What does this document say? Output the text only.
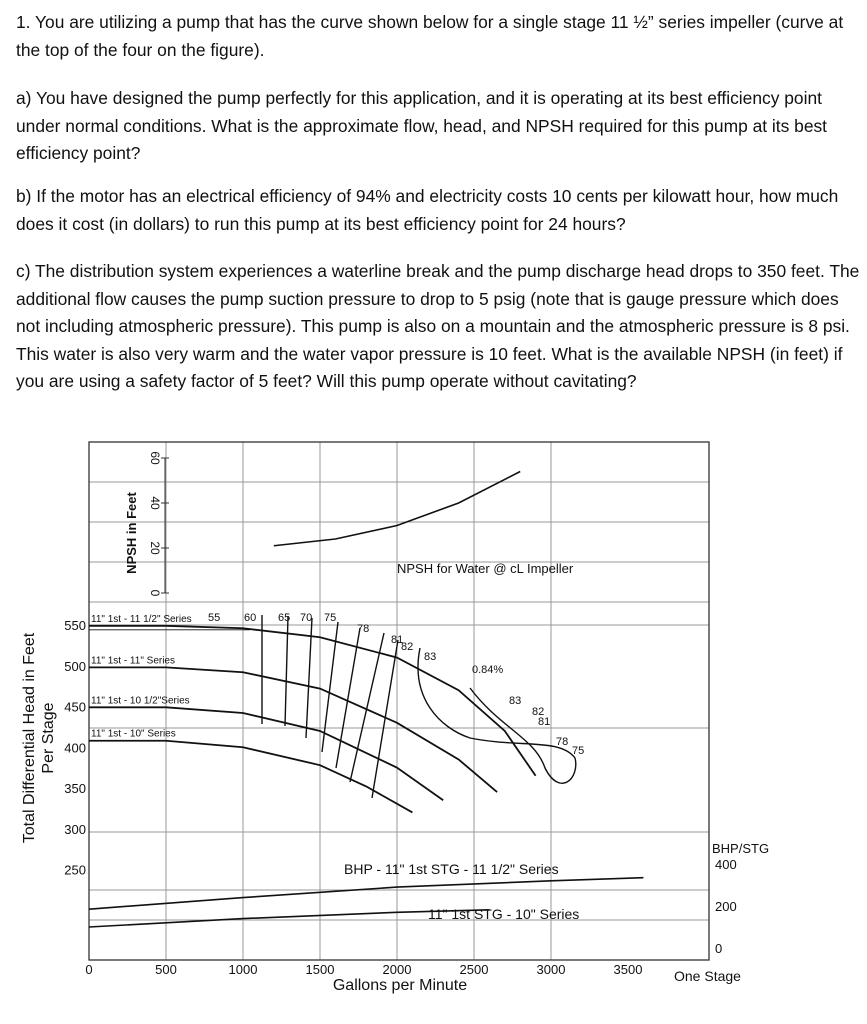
1. You are utilizing a pump that has the curve shown below for a single stage 11 ½” series impeller (curve at the top of the four on the figure).

a) You have designed the pump perfectly for this application, and it is operating at its best efficiency point under normal conditions. What is the approximate flow, head, and NPSH required for this pump at its best efficiency point?

b) If the motor has an electrical efficiency of 94% and electricity costs 10 cents per kilowatt hour, how much does it cost (in dollars) to run this pump at its best efficiency point for 24 hours?

c) The distribution system experiences a waterline break and the pump discharge head drops to 350 feet. The additional flow causes the pump suction pressure to drop to 5 psig (note that is gauge pressure which does not including atmospheric pressure). This pump is also on a mountain and the atmospheric pressure is 8 psi. This water is also very warm and the water vapor pressure is 10 feet. What is the available NPSH (in feet) if you are using a safety factor of 5 feet? Will this pump operate without cavitating?

0	500	1000	1500	2000	2500	3000	3500
Gallons per Minute
550
500
450
400
350
300
250
Total Differential Head in Feet Per Stage
60
40
20
0
NPSH in Feet	NPSH for Water @ cL Impeller
11" 1st - 11 1/2" Series
11" 1st - 11" Series
11" 1st - 10 1/2"Series
11" 1st - 10" Series
55 60 65 70 75
78
81
82
83
0.84%
83
82
81
78
75
BHP - 11" 1st STG - 11 1/2" Series
11" 1st STG - 10" Series
BHP/STG
400
200
0
One Stage
